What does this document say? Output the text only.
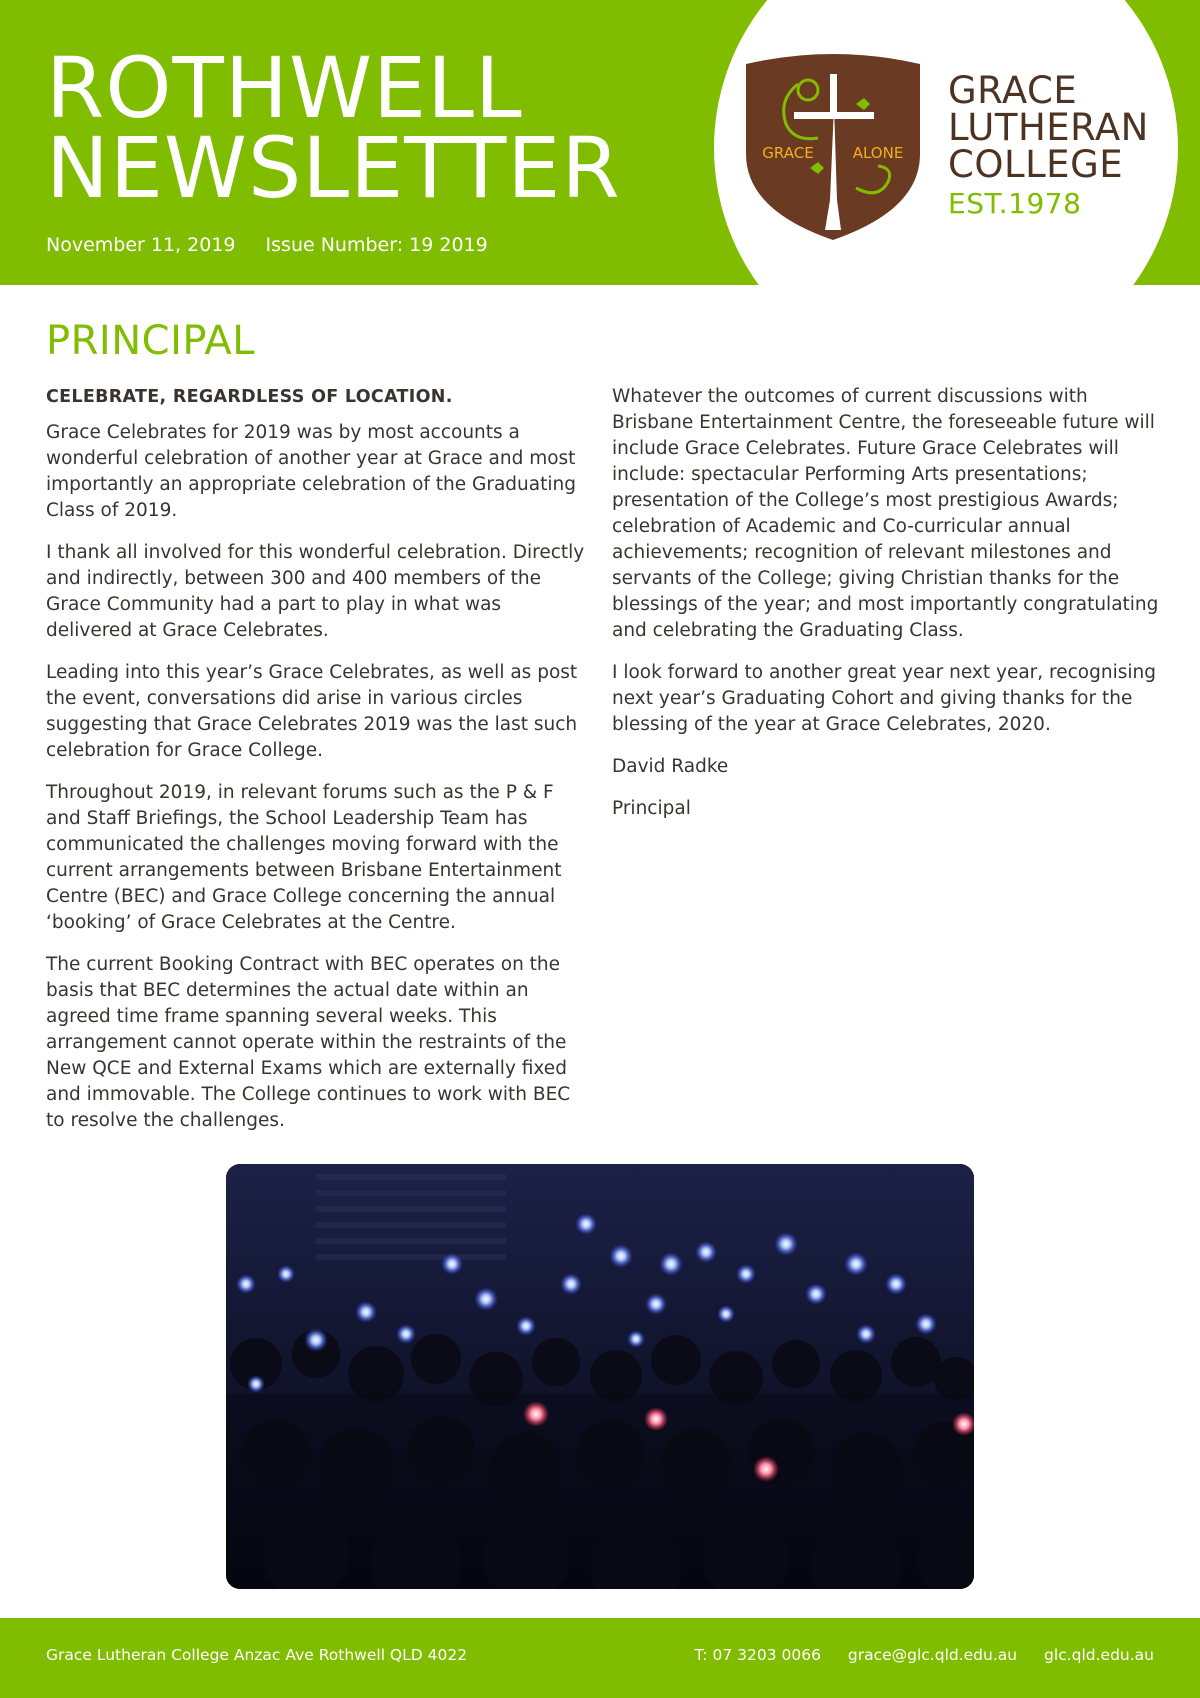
ROTHWELL
NEWSLETTER
November 11, 2019 Issue Number: 19 2019
GRACE	ALONE
GRACE
LUTHERAN
COLLEGE
EST.1978
PRINCIPAL
CELEBRATE, REGARDLESS OF LOCATION.

Grace Celebrates for 2019 was by most accounts a wonderful celebration of another year at Grace and most importantly an appropriate celebration of the Graduating Class of 2019.

I thank all involved for this wonderful celebration. Directly and indirectly, between 300 and 400 members of the Grace Community had a part to play in what was delivered at Grace Celebrates.

Leading into this year’s Grace Celebrates, as well as post the event, conversations did arise in various circles suggesting that Grace Celebrates 2019 was the last such celebration for Grace College.

Throughout 2019, in relevant forums such as the P & F and Staff Briefings, the School Leadership Team has communicated the challenges moving forward with the current arrangements between Brisbane Entertainment Centre (BEC) and Grace College concerning the annual ‘booking’ of Grace Celebrates at the Centre.

The current Booking Contract with BEC operates on the basis that BEC determines the actual date within an agreed time frame spanning several weeks. This arrangement cannot operate within the restraints of the New QCE and External Exams which are externally fixed and immovable. The College continues to work with BEC to resolve the challenges.

Whatever the outcomes of current discussions with Brisbane Entertainment Centre, the foreseeable future will include Grace Celebrates. Future Grace Celebrates will include: spectacular Performing Arts presentations; presentation of the College’s most prestigious Awards; celebration of Academic and Co-curricular annual achievements; recognition of relevant milestones and servants of the College; giving Christian thanks for the blessings of the year; and most importantly congratulating and celebrating the Graduating Class.

I look forward to another great year next year, recognising next year’s Graduating Cohort and giving thanks for the blessing of the year at Grace Celebrates, 2020.

David Radke

Principal

Grace Lutheran College Anzac Ave Rothwell QLD 4022	T: 07 3203 0066 grace@glc.qld.edu.au glc.qld.edu.au
